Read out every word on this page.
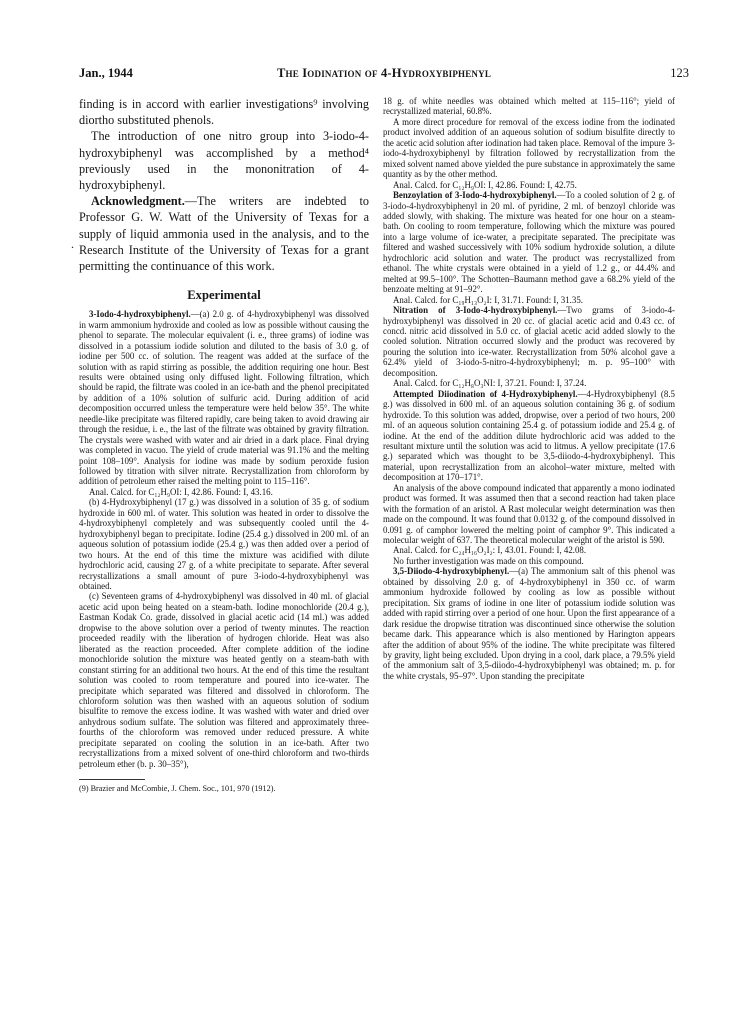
Jan., 1944	The Iodination of 4-Hydroxybiphenyl	123
.

finding is in accord with earlier investigations⁹ involving diortho substituted phenols.

The introduction of one nitro group into 3-iodo-4-hydroxybiphenyl was accomplished by a method⁴ previously used in the mononitration of 4-hydroxybiphenyl.

Acknowledgment.—The writers are indebted to Professor G. W. Watt of the University of Texas for a supply of liquid ammonia used in the analysis, and to the Research Institute of the University of Texas for a grant permitting the continuance of this work.

Experimental

3-Iodo-4-hydroxybiphenyl.—(a) 2.0 g. of 4-hydroxybiphenyl was dissolved in warm ammonium hydroxide and cooled as low as possible without causing the phenol to separate. The molecular equivalent (i. e., three grams) of iodine was dissolved in a potassium iodide solution and diluted to the basis of 3.0 g. of iodine per 500 cc. of solution. The reagent was added at the surface of the solution with as rapid stirring as possible, the addition requiring one hour. Best results were obtained using only diffused light. Following filtration, which should be rapid, the filtrate was cooled in an ice-bath and the phenol precipitated by addition of a 10% solution of sulfuric acid. During addition of acid decomposition occurred unless the temperature were held below 35°. The white needle-like precipitate was filtered rapidly, care being taken to avoid drawing air through the residue, i. e., the last of the filtrate was obtained by gravity filtration. The crystals were washed with water and air dried in a dark place. Final drying was completed in vacuo. The yield of crude material was 91.1% and the melting point 108–109°. Analysis for iodine was made by sodium peroxide fusion followed by titration with silver nitrate. Recrystallization from chloroform by addition of petroleum ether raised the melting point to 115–116°.

Anal. Calcd. for C₁₂H₉OI: I, 42.86. Found: I, 43.16.

(b) 4-Hydroxybiphenyl (17 g.) was dissolved in a solution of 35 g. of sodium hydroxide in 600 ml. of water. This solution was heated in order to dissolve the 4-hydroxybiphenyl completely and was subsequently cooled until the 4-hydroxybiphenyl began to precipitate. Iodine (25.4 g.) dissolved in 200 ml. of an aqueous solution of potassium iodide (25.4 g.) was then added over a period of two hours. At the end of this time the mixture was acidified with dilute hydrochloric acid, causing 27 g. of a white precipitate to separate. After several recrystallizations a small amount of pure 3-iodo-4-hydroxybiphenyl was obtained.

(c) Seventeen grams of 4-hydroxybiphenyl was dissolved in 40 ml. of glacial acetic acid upon being heated on a steam-bath. Iodine monochloride (20.4 g.), Eastman Kodak Co. grade, dissolved in glacial acetic acid (14 ml.) was added dropwise to the above solution over a period of twenty minutes. The reaction proceeded readily with the liberation of hydrogen chloride. Heat was also liberated as the reaction proceeded. After complete addition of the iodine monochloride solution the mixture was heated gently on a steam-bath with constant stirring for an additional two hours. At the end of this time the resultant solution was cooled to room temperature and poured into ice-water. The precipitate which separated was filtered and dissolved in chloroform. The chloroform solution was then washed with an aqueous solution of sodium bisulfite to remove the excess iodine. It was washed with water and dried over anhydrous sodium sulfate. The solution was filtered and approximately three-fourths of the chloroform was removed under reduced pressure. A white precipitate separated on cooling the solution in an ice-bath. After two recrystallizations from a mixed solvent of one-third chloroform and two-thirds petroleum ether (b. p. 30–35°),

(9) Brazier and McCombie, J. Chem. Soc., 101, 970 (1912).

18 g. of white needles was obtained which melted at 115–116°; yield of recrystallized material, 60.8%.

A more direct procedure for removal of the excess iodine from the iodinated product involved addition of an aqueous solution of sodium bisulfite directly to the acetic acid solution after iodination had taken place. Removal of the impure 3-iodo-4-hydroxybiphenyl by filtration followed by recrystallization from the mixed solvent named above yielded the pure substance in approximately the same quantity as by the other method.

Anal. Calcd. for C₁₂H₉OI: I, 42.86. Found: I, 42.75.

Benzoylation of 3-Iodo-4-hydroxybiphenyl.—To a cooled solution of 2 g. of 3-iodo-4-hydroxybiphenyl in 20 ml. of pyridine, 2 ml. of benzoyl chloride was added slowly, with shaking. The mixture was heated for one hour on a steam-bath. On cooling to room temperature, following which the mixture was poured into a large volume of ice-water, a precipitate separated. The precipitate was filtered and washed successively with 10% sodium hydroxide solution, a dilute hydrochloric acid solution and water. The product was recrystallized from ethanol. The white crystals were obtained in a yield of 1.2 g., or 44.4% and melted at 99.5–100°. The Schotten–Baumann method gave a 68.2% yield of the benzoate melting at 91–92°.

Anal. Calcd. for C₁₉H₁₃O₂I: I, 31.71. Found: I, 31.35.

Nitration of 3-Iodo-4-hydroxybiphenyl.—Two grams of 3-iodo-4-hydroxybiphenyl was dissolved in 20 cc. of glacial acetic acid and 0.43 cc. of concd. nitric acid dissolved in 5.0 cc. of glacial acetic acid added slowly to the cooled solution. Nitration occurred slowly and the product was recovered by pouring the solution into ice-water. Recrystallization from 50% alcohol gave a 62.4% yield of 3-iodo-5-nitro-4-hydroxybiphenyl; m. p. 95–100° with decomposition.

Anal. Calcd. for C₁₂H₈O₃NI: I, 37.21. Found: I, 37.24.

Attempted Diiodination of 4-Hydroxybiphenyl.—4-Hydroxybiphenyl (8.5 g.) was dissolved in 600 ml. of an aqueous solution containing 36 g. of sodium hydroxide. To this solution was added, dropwise, over a period of two hours, 200 ml. of an aqueous solution containing 25.4 g. of potassium iodide and 25.4 g. of iodine. At the end of the addition dilute hydrochloric acid was added to the resultant mixture until the solution was acid to litmus. A yellow precipitate (17.6 g.) separated which was thought to be 3,5-diiodo-4-hydroxybiphenyl. This material, upon recrystallization from an alcohol–water mixture, melted with decomposition at 170–171°.

An analysis of the above compound indicated that apparently a mono iodinated product was formed. It was assumed then that a second reaction had taken place with the formation of an aristol. A Rast molecular weight determination was then made on the compound. It was found that 0.0132 g. of the compound dissolved in 0.091 g. of camphor lowered the melting point of camphor 9°. This indicated a molecular weight of 637. The theoretical molecular weight of the aristol is 590.

Anal. Calcd. for C₂₄H₁₆O₂I₂: I, 43.01. Found: I, 42.08.

No further investigation was made on this compound.

3,5-Diiodo-4-hydroxybiphenyl.—(a) The ammonium salt of this phenol was obtained by dissolving 2.0 g. of 4-hydroxybiphenyl in 350 cc. of warm ammonium hydroxide followed by cooling as low as possible without precipitation. Six grams of iodine in one liter of potassium iodide solution was added with rapid stirring over a period of one hour. Upon the first appearance of a dark residue the dropwise titration was discontinued since otherwise the solution became dark. This appearance which is also mentioned by Harington appears after the addition of about 95% of the iodine. The white precipitate was filtered by gravity, light being excluded. Upon drying in a cool, dark place, a 79.5% yield of the ammonium salt of 3,5-diiodo-4-hydroxybiphenyl was obtained; m. p. for the white crystals, 95–97°. Upon standing the precipitate
